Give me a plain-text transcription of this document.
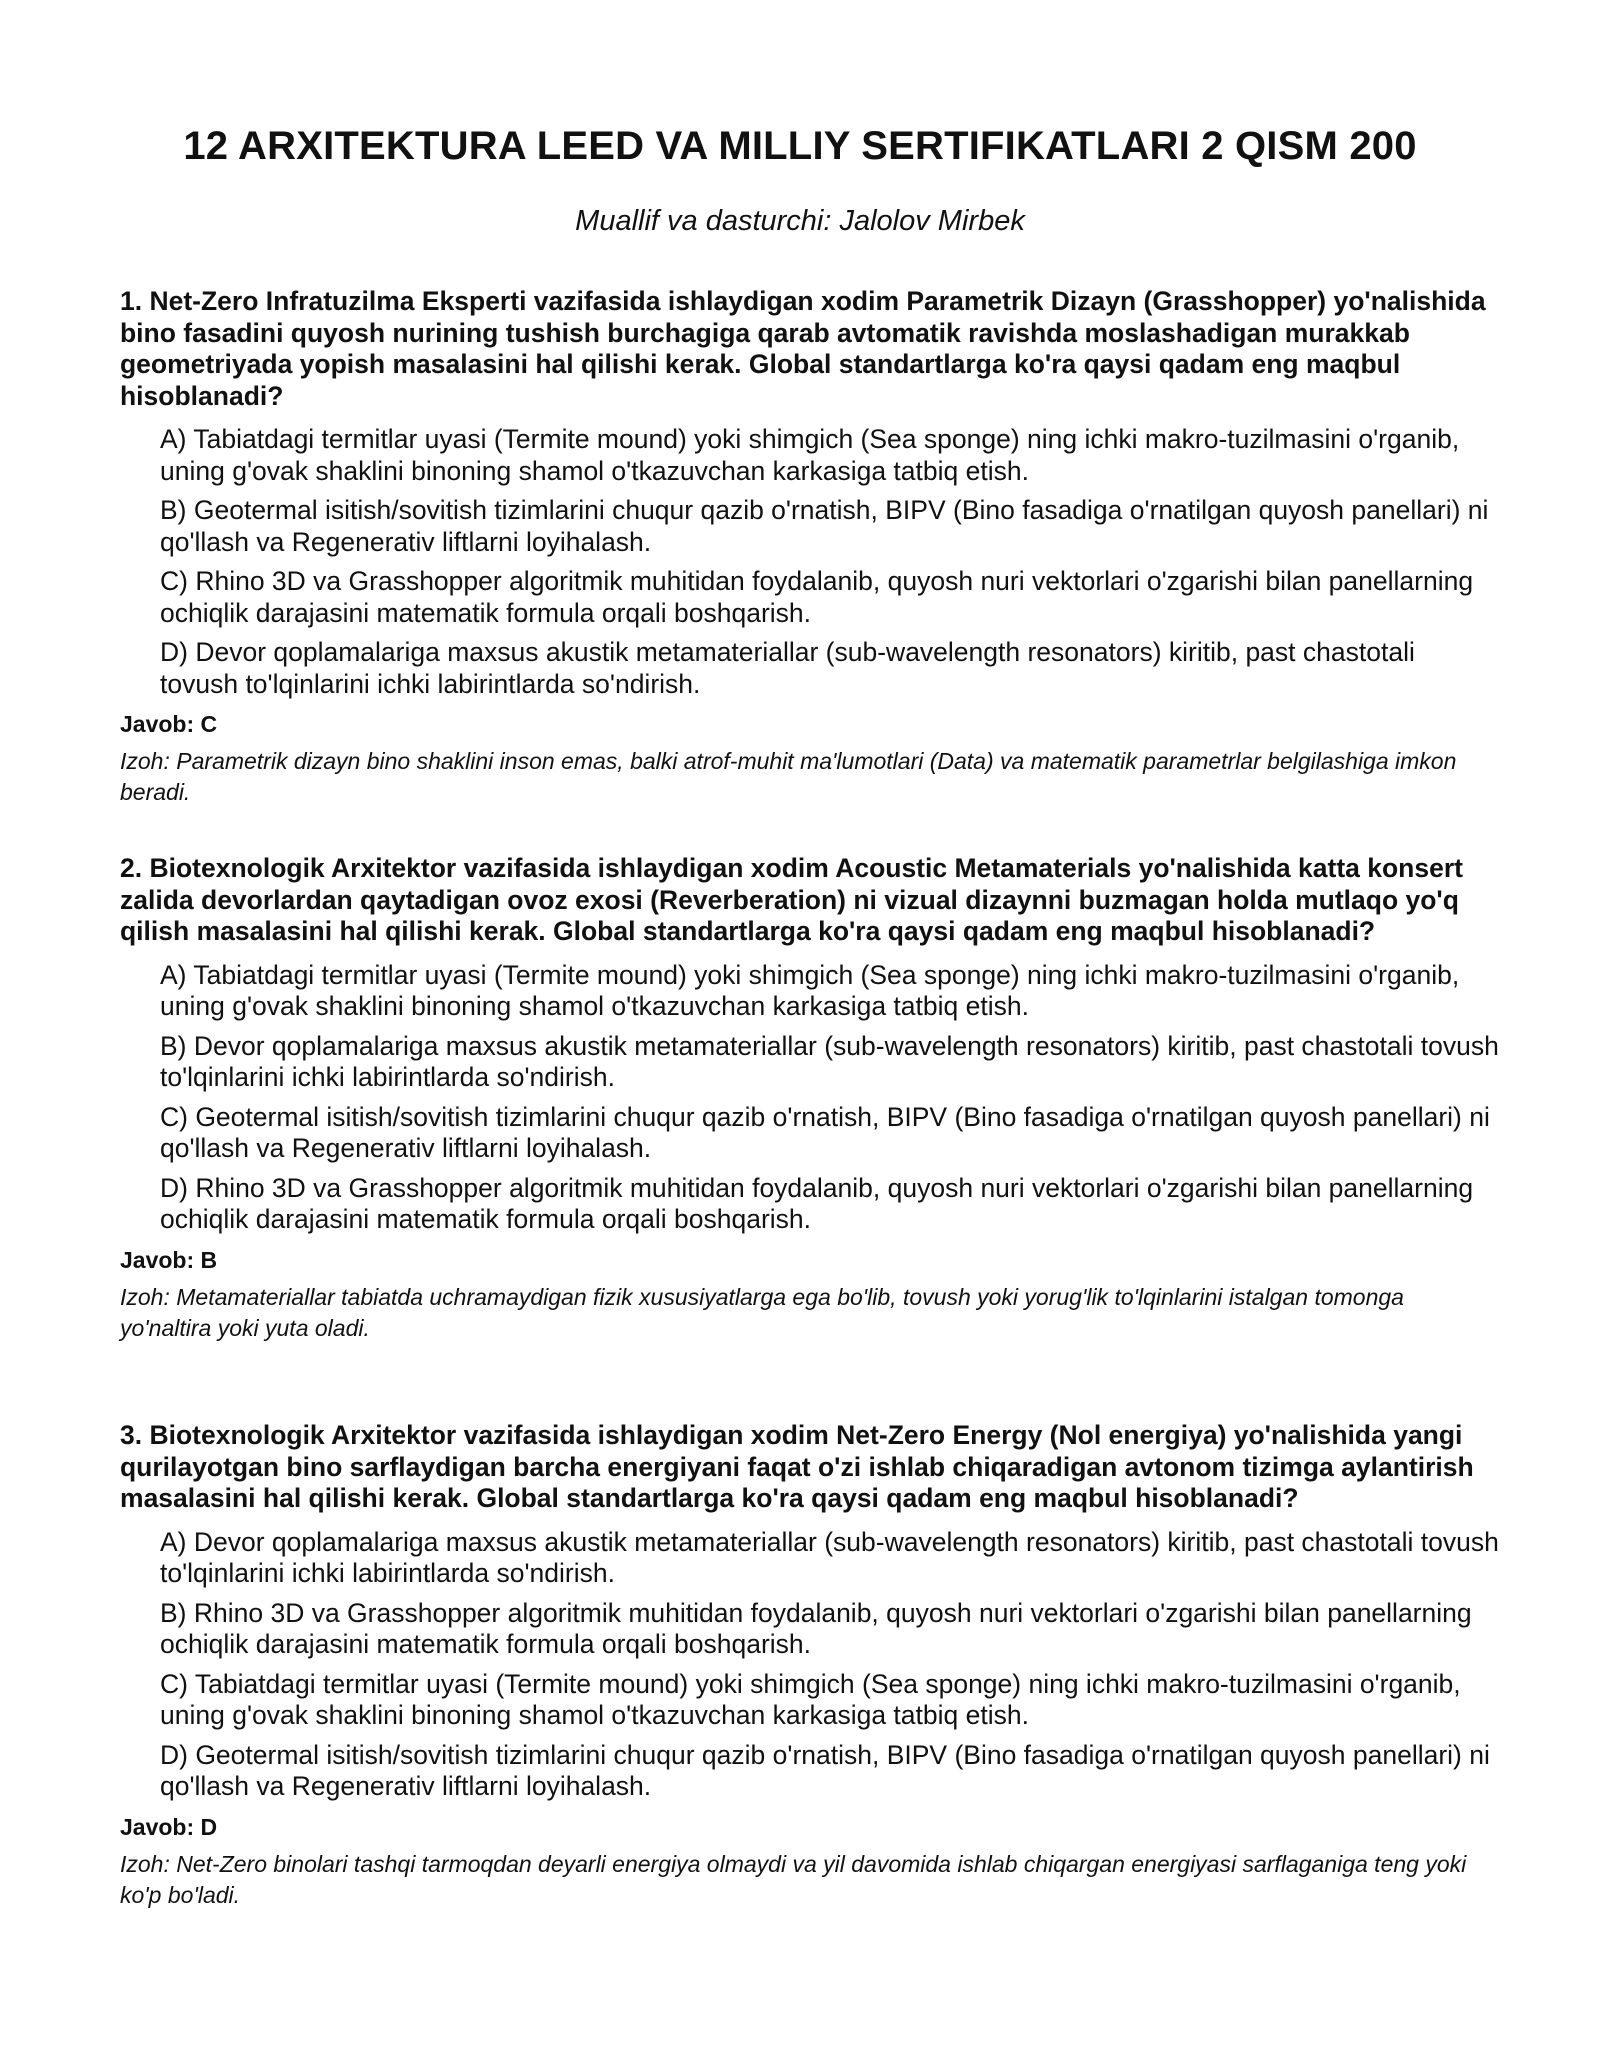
12 ARXITEKTURA LEED VA MILLIY SERTIFIKATLARI 2 QISM 200
Muallif va dasturchi: Jalolov Mirbek

1. Net-Zero Infratuzilma Eksperti vazifasida ishlaydigan xodim Parametrik Dizayn (Grasshopper) yo'nalishida bino fasadini quyosh nurining tushish burchagiga qarab avtomatik ravishda moslashadigan murakkab geometriyada yopish masalasini hal qilishi kerak. Global standartlarga ko'ra qaysi qadam eng maqbul hisoblanadi?

A) Tabiatdagi termitlar uyasi (Termite mound) yoki shimgich (Sea sponge) ning ichki makro-tuzilmasini o'rganib, uning g'ovak shaklini binoning shamol o'tkazuvchan karkasiga tatbiq etish.
B) Geotermal isitish/sovitish tizimlarini chuqur qazib o'rnatish, BIPV (Bino fasadiga o'rnatilgan quyosh panellari) ni qo'llash va Regenerativ liftlarni loyihalash.
C) Rhino 3D va Grasshopper algoritmik muhitidan foydalanib, quyosh nuri vektorlari o'zgarishi bilan panellarning ochiqlik darajasini matematik formula orqali boshqarish.
D) Devor qoplamalariga maxsus akustik metamateriallar (sub-wavelength resonators) kiritib, past chastotali tovush to'lqinlarini ichki labirintlarda so'ndirish.
Javob: C

Izoh: Parametrik dizayn bino shaklini inson emas, balki atrof-muhit ma'lumotlari (Data) va matematik parametrlar belgilashiga imkon beradi.

2. Biotexnologik Arxitektor vazifasida ishlaydigan xodim Acoustic Metamaterials yo'nalishida katta konsert zalida devorlardan qaytadigan ovoz exosi (Reverberation) ni vizual dizaynni buzmagan holda mutlaqo yo'q qilish masalasini hal qilishi kerak. Global standartlarga ko'ra qaysi qadam eng maqbul hisoblanadi?

A) Tabiatdagi termitlar uyasi (Termite mound) yoki shimgich (Sea sponge) ning ichki makro-tuzilmasini o'rganib, uning g'ovak shaklini binoning shamol o'tkazuvchan karkasiga tatbiq etish.
B) Devor qoplamalariga maxsus akustik metamateriallar (sub-wavelength resonators) kiritib, past chastotali tovush to'lqinlarini ichki labirintlarda so'ndirish.
C) Geotermal isitish/sovitish tizimlarini chuqur qazib o'rnatish, BIPV (Bino fasadiga o'rnatilgan quyosh panellari) ni qo'llash va Regenerativ liftlarni loyihalash.
D) Rhino 3D va Grasshopper algoritmik muhitidan foydalanib, quyosh nuri vektorlari o'zgarishi bilan panellarning ochiqlik darajasini matematik formula orqali boshqarish.
Javob: B

Izoh: Metamateriallar tabiatda uchramaydigan fizik xususiyatlarga ega bo'lib, tovush yoki yorug'lik to'lqinlarini istalgan tomonga yo'naltira yoki yuta oladi.

3. Biotexnologik Arxitektor vazifasida ishlaydigan xodim Net-Zero Energy (Nol energiya) yo'nalishida yangi qurilayotgan bino sarflaydigan barcha energiyani faqat o'zi ishlab chiqaradigan avtonom tizimga aylantirish masalasini hal qilishi kerak. Global standartlarga ko'ra qaysi qadam eng maqbul hisoblanadi?

A) Devor qoplamalariga maxsus akustik metamateriallar (sub-wavelength resonators) kiritib, past chastotali tovush to'lqinlarini ichki labirintlarda so'ndirish.
B) Rhino 3D va Grasshopper algoritmik muhitidan foydalanib, quyosh nuri vektorlari o'zgarishi bilan panellarning ochiqlik darajasini matematik formula orqali boshqarish.
C) Tabiatdagi termitlar uyasi (Termite mound) yoki shimgich (Sea sponge) ning ichki makro-tuzilmasini o'rganib, uning g'ovak shaklini binoning shamol o'tkazuvchan karkasiga tatbiq etish.
D) Geotermal isitish/sovitish tizimlarini chuqur qazib o'rnatish, BIPV (Bino fasadiga o'rnatilgan quyosh panellari) ni qo'llash va Regenerativ liftlarni loyihalash.
Javob: D

Izoh: Net-Zero binolari tashqi tarmoqdan deyarli energiya olmaydi va yil davomida ishlab chiqargan energiyasi sarflaganiga teng yoki ko'p bo'ladi.
